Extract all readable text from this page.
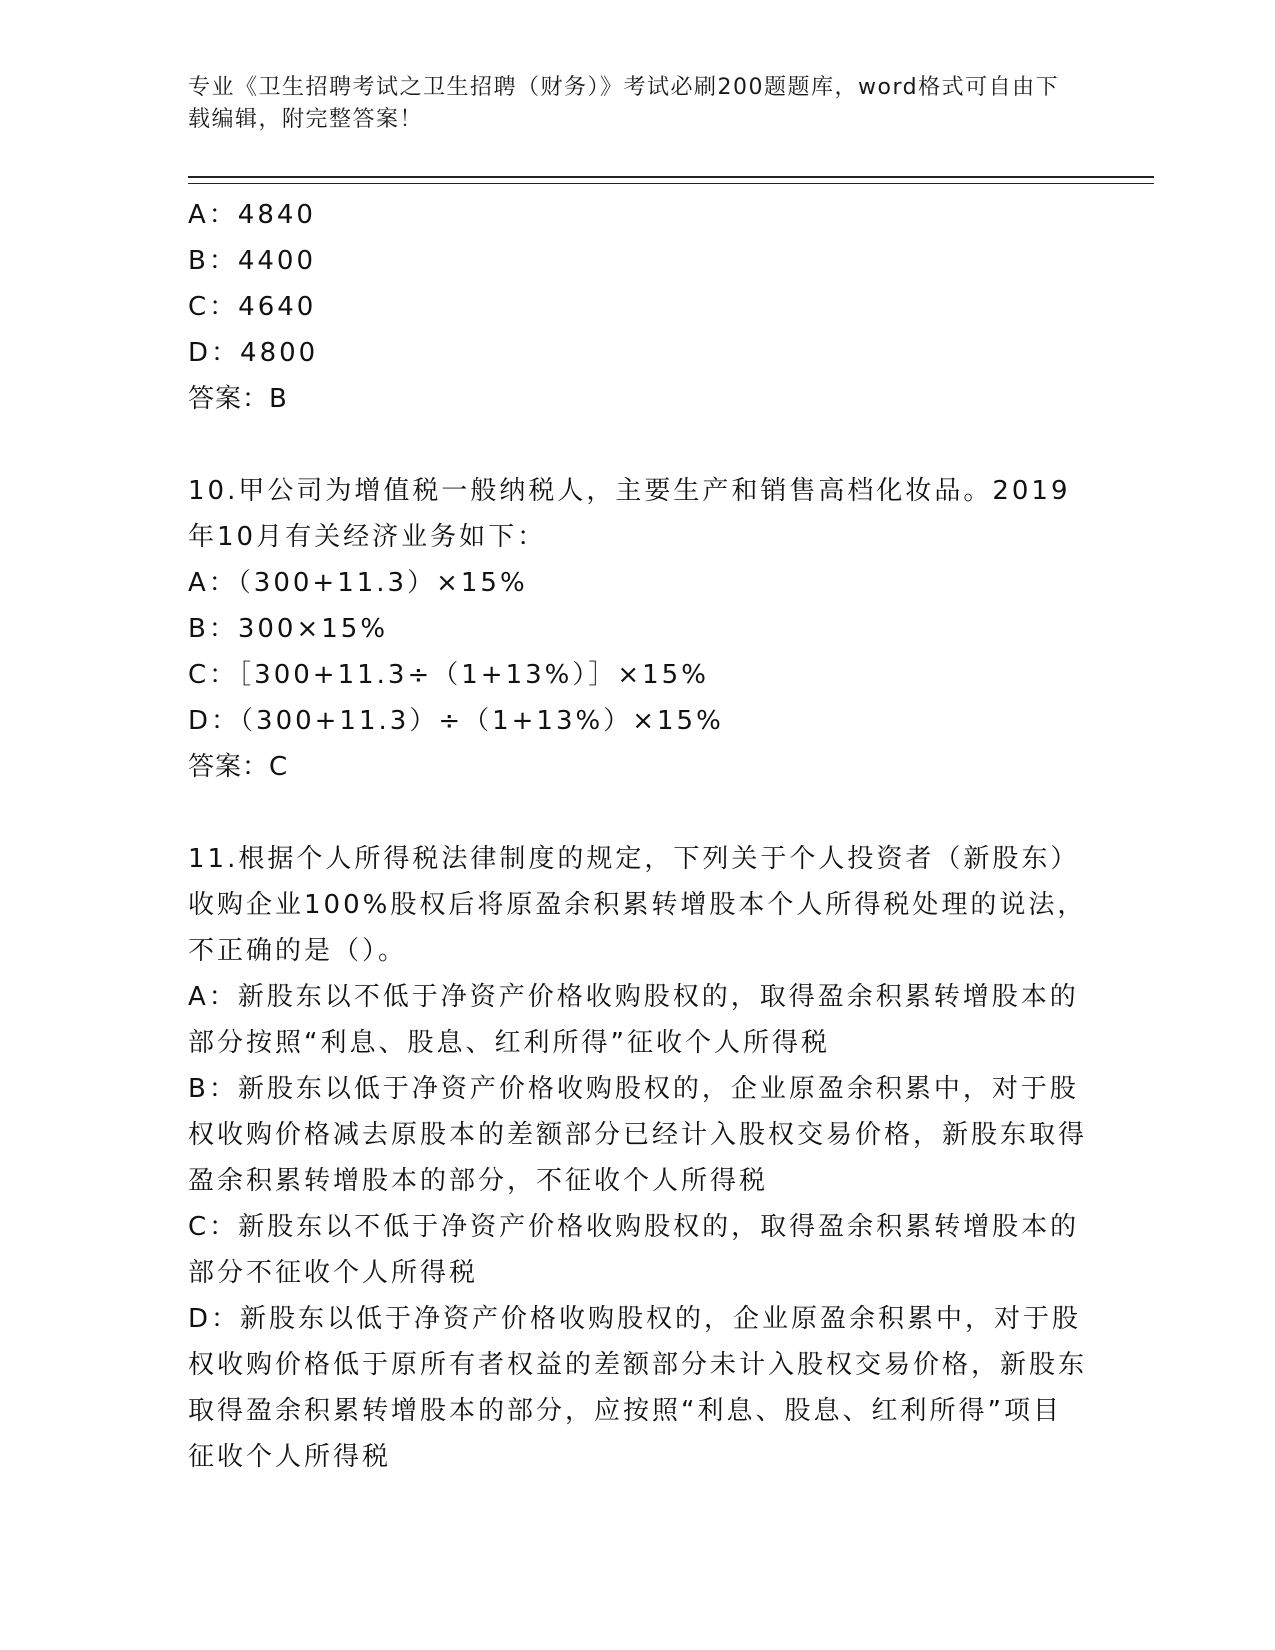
专业《卫生招聘考试之卫生招聘（财务）》考试必刷200题题库，word格式可自由下载编辑，附完整答案！

A：4840

B：4400

C：4640

D：4800

答案：B

10.甲公司为增值税一般纳税人，主要生产和销售高档化妆品。2019年10月有关经济业务如下：

A：（300+11.3）×15%

B：300×15%

C：［300+11.3÷（1+13%）］×15%

D：（300+11.3）÷（1+13%）×15%

答案：C

11.根据个人所得税法律制度的规定，下列关于个人投资者（新股东）收购企业100%股权后将原盈余积累转增股本个人所得税处理的说法，不正确的是（）。

A：新股东以不低于净资产价格收购股权的，取得盈余积累转增股本的部分按照“利息、股息、红利所得”征收个人所得税

B：新股东以低于净资产价格收购股权的，企业原盈余积累中，对于股权收购价格减去原股本的差额部分已经计入股权交易价格，新股东取得盈余积累转增股本的部分，不征收个人所得税

C：新股东以不低于净资产价格收购股权的，取得盈余积累转增股本的部分不征收个人所得税

D：新股东以低于净资产价格收购股权的，企业原盈余积累中，对于股权收购价格低于原所有者权益的差额部分未计入股权交易价格，新股东取得盈余积累转增股本的部分，应按照“利息、股息、红利所得”项目征收个人所得税
